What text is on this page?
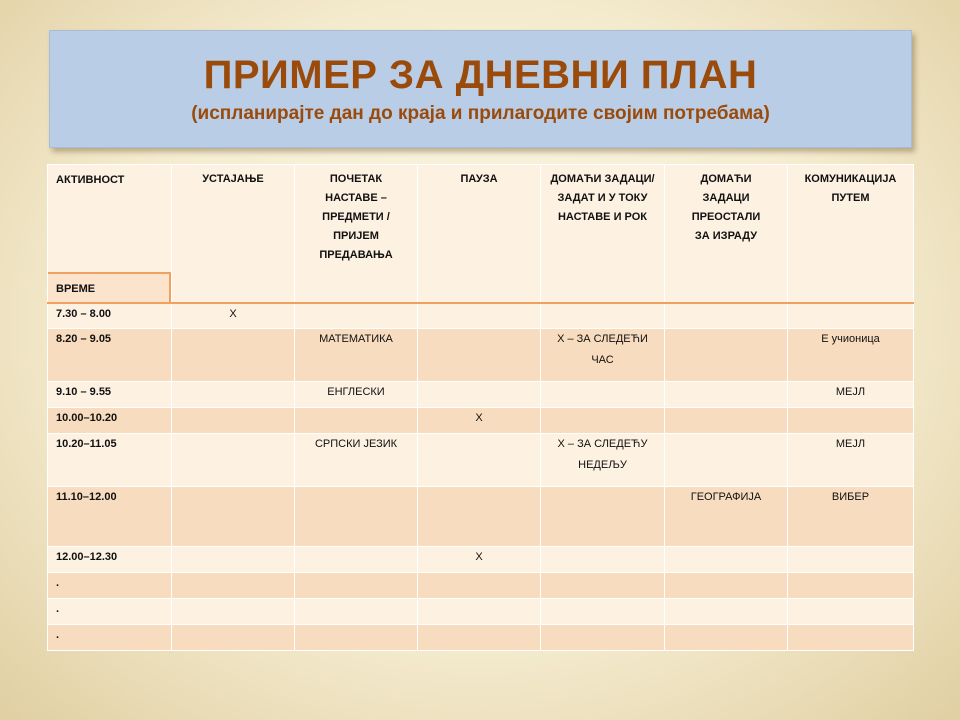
ПРИМЕР ЗА ДНЕВНИ ПЛАН
(испланирајте дан до краја и прилагодите својим потребама)
АКТИВНОСТ
ВРЕМЕ	УСТАЈАЊЕ	ПОЧЕТАК НАСТАВЕ – ПРЕДМЕТИ /ПРИЈЕМ ПРЕДАВАЊА	ПАУЗА	ДОМАЋИ ЗАДАЦИ/ЗАДАТ И У ТОКУ НАСТАВЕ И РОК	ДОМАЋИ ЗАДАЦИ ПРЕОСТАЛИ ЗА ИЗРАДУ	КОМУНИКАЦИЈА ПУТЕМ
7.30 – 8.00	X					
8.20 – 9.05		МАТЕМАТИКА		X – ЗА СЛЕДЕЋИ ЧАС		Е учионица
9.10 – 9.55		ЕНГЛЕСКИ				МЕЈЛ
10.00–10.20			X			
10.20–11.05		СРПСКИ ЈЕЗИК		X – ЗА СЛЕДЕЋУ НЕДЕЉУ		МЕЈЛ
11.10–12.00					ГЕОГРАФИЈА	ВИБЕР
12.00–12.30			X			
.						
.						
.						
